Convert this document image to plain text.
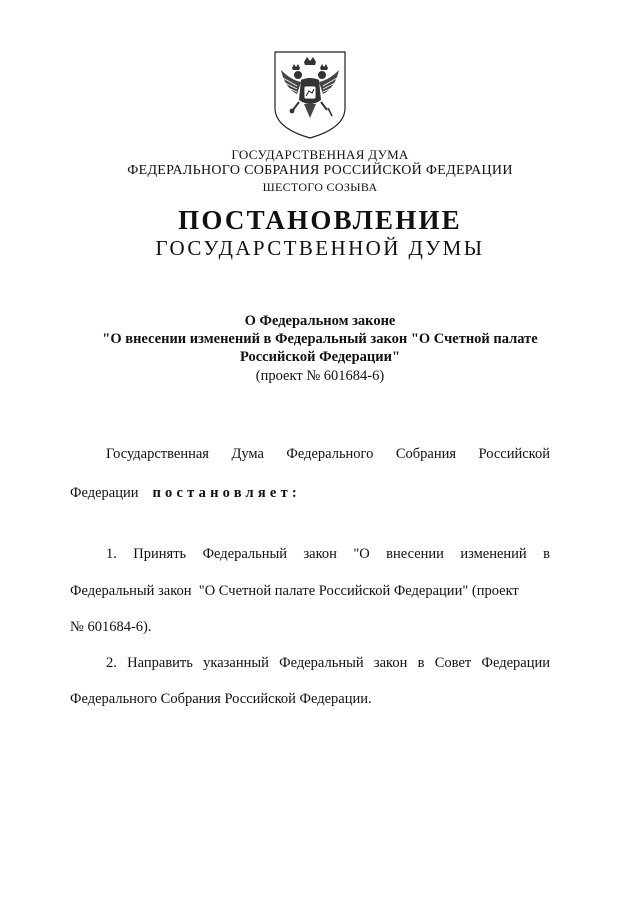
ГОСУДАРСТВЕННАЯ ДУМА
ФЕДЕРАЛЬНОГО СОБРАНИЯ РОССИЙСКОЙ ФЕДЕРАЦИИ
ШЕСТОГО СОЗЫВА
ПОСТАНОВЛЕНИЕ
ГОСУДАРСТВЕННОЙ ДУМЫ
О Федеральном законе
"О внесении изменений в Федеральный закон "О Счетной палате
Российской Федерации"
(проект № 601684-6)
Государственная Дума Федерального Собрания Российской
Федерации постановляет:
1. Принять Федеральный закон "О внесении изменений в
Федеральный закон  "О Счетной палате Российской Федерации" (проект
№ 601684-6).
2. Направить указанный Федеральный закон в Совет Федерации
Федерального Собрания Российской Федерации.
